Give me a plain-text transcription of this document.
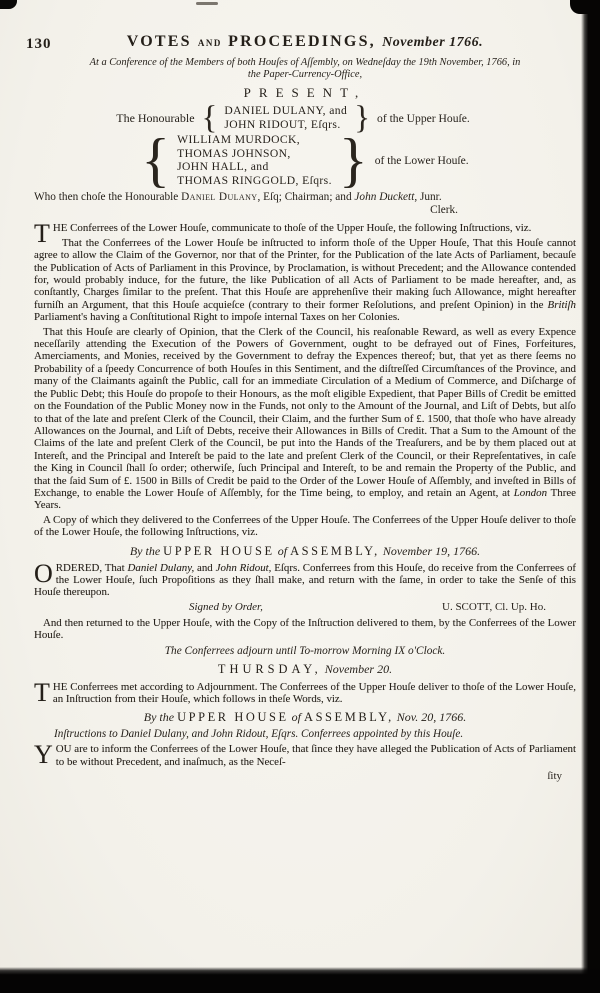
130	VOTES and PROCEEDINGS, November 1766.
At a Conference of the Members of both Houſes of Aſſembly, on Wedneſday the 19th November, 1766, in
the Paper-Currency-Office,
PRESENT,
The Honourable { DANIEL DULANY, and
JOHN RIDOUT, Eſqrs. } of the Upper Houſe.
{ WILLIAM MURDOCK,
THOMAS JOHNSON,
JOHN HALL, and
THOMAS RINGGOLD, Eſqrs. } of the Lower Houſe.

Who then choſe the Honourable Daniel Dulany, Eſq; Chairman; and John Duckett, Junr.

Clerk.

THE Conferrees of the Lower Houſe, communicate to thoſe of the Upper Houſe, the following Inſtructions, viz.

That the Conferrees of the Lower Houſe be inſtructed to inform thoſe of the Upper Houſe, That this Houſe cannot agree to allow the Claim of the Governor, nor that of the Printer, for the Publication of the late Acts of Parliament, becauſe the Publication of Acts of Parliament in this Province, by Proclamation, is without Precedent; and the Allowance contended for, would probably induce, for the future, the like Publication of all Acts of Parliament to be made hereafter, and, as conſtantly, Charges ſimilar to the preſent. That this Houſe are apprehenſive their making ſuch Allowance, might hereafter furniſh an Argument, that this Houſe acquieſce (contrary to their former Reſolutions, and preſent Opinion) in the Britiſh Parliament's having a Conſtitutional Right to impoſe internal Taxes on her Colonies.

That this Houſe are clearly of Opinion, that the Clerk of the Council, his reaſonable Reward, as well as every Expence neceſſarily attending the Execution of the Powers of Government, ought to be defrayed out of Fines, Forfeitures, Amerciaments, and Monies, received by the Government to defray the Expences thereof; but, that yet as there ſeems no Probability of a ſpeedy Concurrence of both Houſes in this Sentiment, and the diſtreſſed Circumſtances of the Province, and many of the Claimants againſt the Public, call for an immediate Circulation of a Medium of Commerce, and Diſcharge of the Public Debt; this Houſe do propoſe to their Honours, as the moſt eligible Expedient, that Paper Bills of Credit be emitted on the Foundation of the Public Money now in the Funds, not only to the Amount of the Journal, and Liſt of Debts, but alſo to that of the late and preſent Clerk of the Council, their Claim, and the further Sum of £. 1500, that thoſe who have already Allowances on the Journal, and Liſt of Debts, receive their Allowances in Bills of Credit. That a Sum to the Amount of the Claims of the late and preſent Clerk of the Council, be put into the Hands of the Treaſurers, and be by them placed out at Intereſt, and the Principal and Intereſt be paid to the late and preſent Clerk of the Council, or their Repreſentatives, in caſe the King in Council ſhall ſo order; otherwiſe, ſuch Principal and Intereſt, to be and remain the Property of the Public, and that the ſaid Sum of £. 1500 in Bills of Credit be paid to the Order of the Lower Houſe of Aſſembly, and inveſted in Bills of Exchange, to enable the Lower Houſe of Aſſembly, for the Time being, to employ, and retain an Agent, at London Three Years.

A Copy of which they delivered to the Conferrees of the Upper Houſe. The Conferrees of the Upper Houſe deliver to thoſe of the Lower Houſe, the following Inſtructions, viz.

By the UPPER HOUSE of ASSEMBLY, November 19, 1766.

ORDERED, That Daniel Dulany, and John Ridout, Eſqrs. Conferrees from this Houſe, do receive from the Conferrees of the Lower Houſe, ſuch Propoſitions as they ſhall make, and return with the ſame, in order to take the Senſe of this Houſe thereupon.

Signed by Order,	U. SCOTT, Cl. Up. Ho.

And then returned to the Upper Houſe, with the Copy of the Inſtruction delivered to them, by the Conferrees of the Lower Houſe.

The Conferrees adjourn until To-morrow Morning IX o'Clock.
THURSDAY, November 20.

THE Conferrees met according to Adjournment. The Conferrees of the Upper Houſe deliver to thoſe of the Lower Houſe, an Inſtruction from their Houſe, which follows in theſe Words, viz.

By the UPPER HOUSE of ASSEMBLY, Nov. 20, 1766.
Inſtructions to Daniel Dulany, and John Ridout, Eſqrs. Conferrees appointed by this Houſe.

YOU are to inform the Conferrees of the Lower Houſe, that ſince they have alleged the Publication of Acts of Parliament to be without Precedent, and inaſmuch, as the Neceſ-

ſity
